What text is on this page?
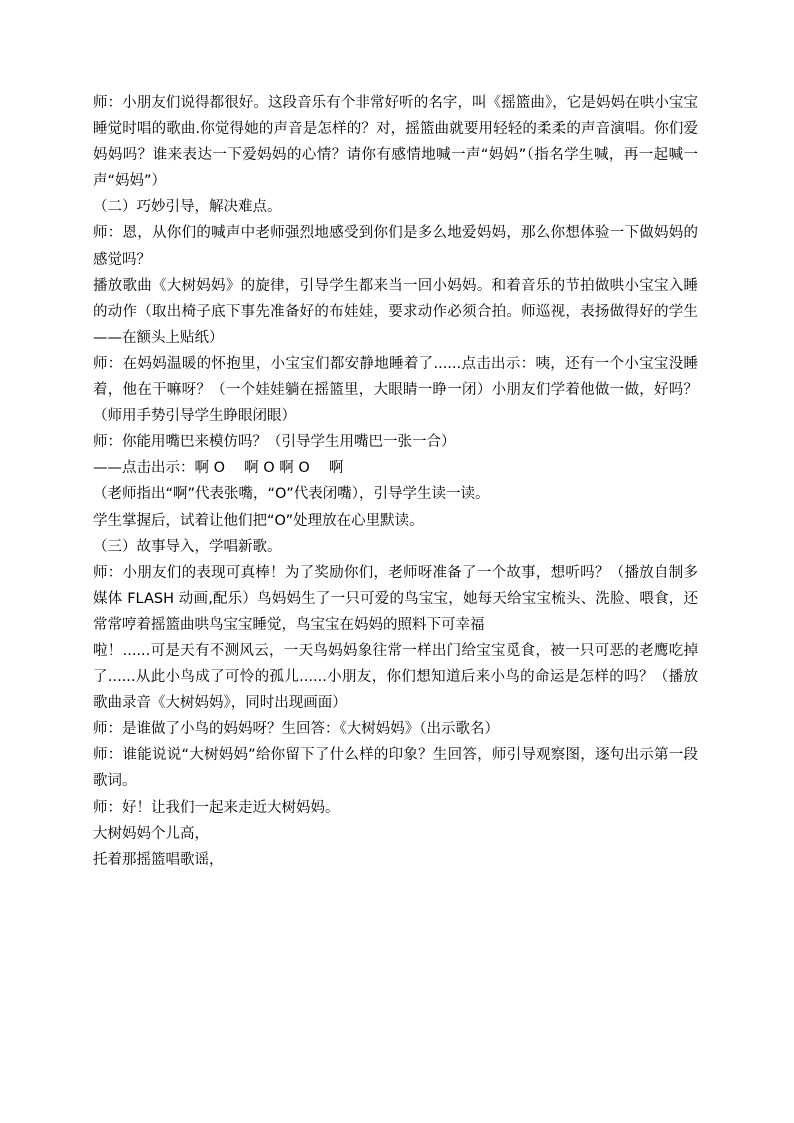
师：小朋友们说得都很好。这段音乐有个非常好听的名字，叫《摇篮曲》，它是妈妈在哄小宝宝睡觉时唱的歌曲.你觉得她的声音是怎样的？对，摇篮曲就要用轻轻的柔柔的声音演唱。你们爱妈妈吗？谁来表达一下爱妈妈的心情？请你有感情地喊一声“妈妈”（指名学生喊，再一起喊一声“妈妈”）

（二）巧妙引导，解决难点。

师：恩，从你们的喊声中老师强烈地感受到你们是多么地爱妈妈，那么你想体验一下做妈妈的感觉吗？

播放歌曲《大树妈妈》的旋律，引导学生都来当一回小妈妈。和着音乐的节拍做哄小宝宝入睡的动作（取出椅子底下事先准备好的布娃娃，要求动作必须合拍。师巡视，表扬做得好的学生——在额头上贴纸）

师：在妈妈温暖的怀抱里，小宝宝们都安静地睡着了......点击出示：咦，还有一个小宝宝没睡着，他在干嘛呀？（一个娃娃躺在摇篮里，大眼睛一睁一闭）小朋友们学着他做一做，好吗？（师用手势引导学生睁眼闭眼）

师：你能用嘴巴来模仿吗？（引导学生用嘴巴一张一合）

——点击出示：啊 O　 啊 O 啊 O　 啊

（老师指出“啊”代表张嘴，“O”代表闭嘴），引导学生读一读。

学生掌握后，试着让他们把“O”处理放在心里默读。

（三）故事导入，学唱新歌。

师：小朋友们的表现可真棒！为了奖励你们，老师呀准备了一个故事，想听吗？（播放自制多媒体 FLASH 动画,配乐）鸟妈妈生了一只可爱的鸟宝宝，她每天给宝宝梳头、洗脸、喂食，还常常哼着摇篮曲哄鸟宝宝睡觉，鸟宝宝在妈妈的照料下可幸福

啦！......可是天有不测风云，一天鸟妈妈象往常一样出门给宝宝觅食，被一只可恶的老鹰吃掉了......从此小鸟成了可怜的孤儿......小朋友，你们想知道后来小鸟的命运是怎样的吗？（播放歌曲录音《大树妈妈》，同时出现画面）

师：是谁做了小鸟的妈妈呀？生回答：《大树妈妈》（出示歌名）

师：谁能说说“大树妈妈”给你留下了什么样的印象？生回答，师引导观察图，逐句出示第一段歌词。

师：好！让我们一起来走近大树妈妈。

大树妈妈个儿高，

托着那摇篮唱歌谣，
